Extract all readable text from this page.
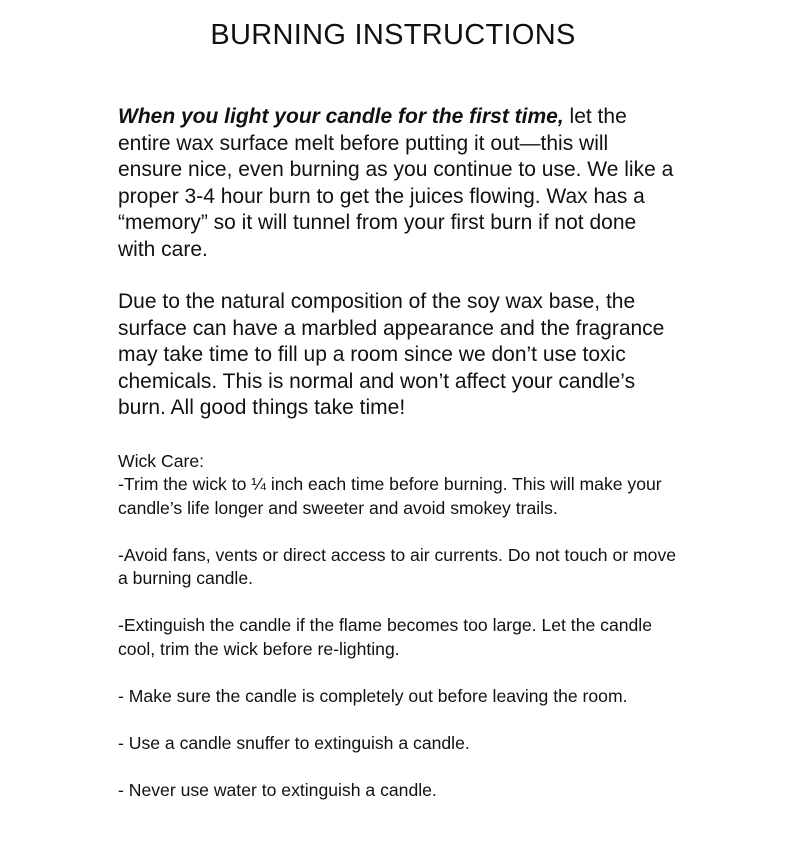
BURNING INSTRUCTIONS

When you light your candle for the first time, let the entire wax surface melt before putting it out—this will ensure nice, even burning as you continue to use. We like a proper 3-4 hour burn to get the juices flowing. Wax has a “memory” so it will tunnel from your first burn if not done with care.

Due to the natural composition of the soy wax base, the surface can have a marbled appearance and the fragrance may take time to fill up a room since we don’t use toxic chemicals. This is normal and won’t affect your candle’s burn. All good things take time!

Wick Care:

-Trim the wick to ¼ inch each time before burning. This will make your candle’s life longer and sweeter and avoid smokey trails.

-Avoid fans, vents or direct access to air currents. Do not touch or move a burning candle.

-Extinguish the candle if the flame becomes too large. Let the candle cool, trim the wick before re-lighting.

- Make sure the candle is completely out before leaving the room.

- Use a candle snuffer to extinguish a candle.

- Never use water to extinguish a candle.
